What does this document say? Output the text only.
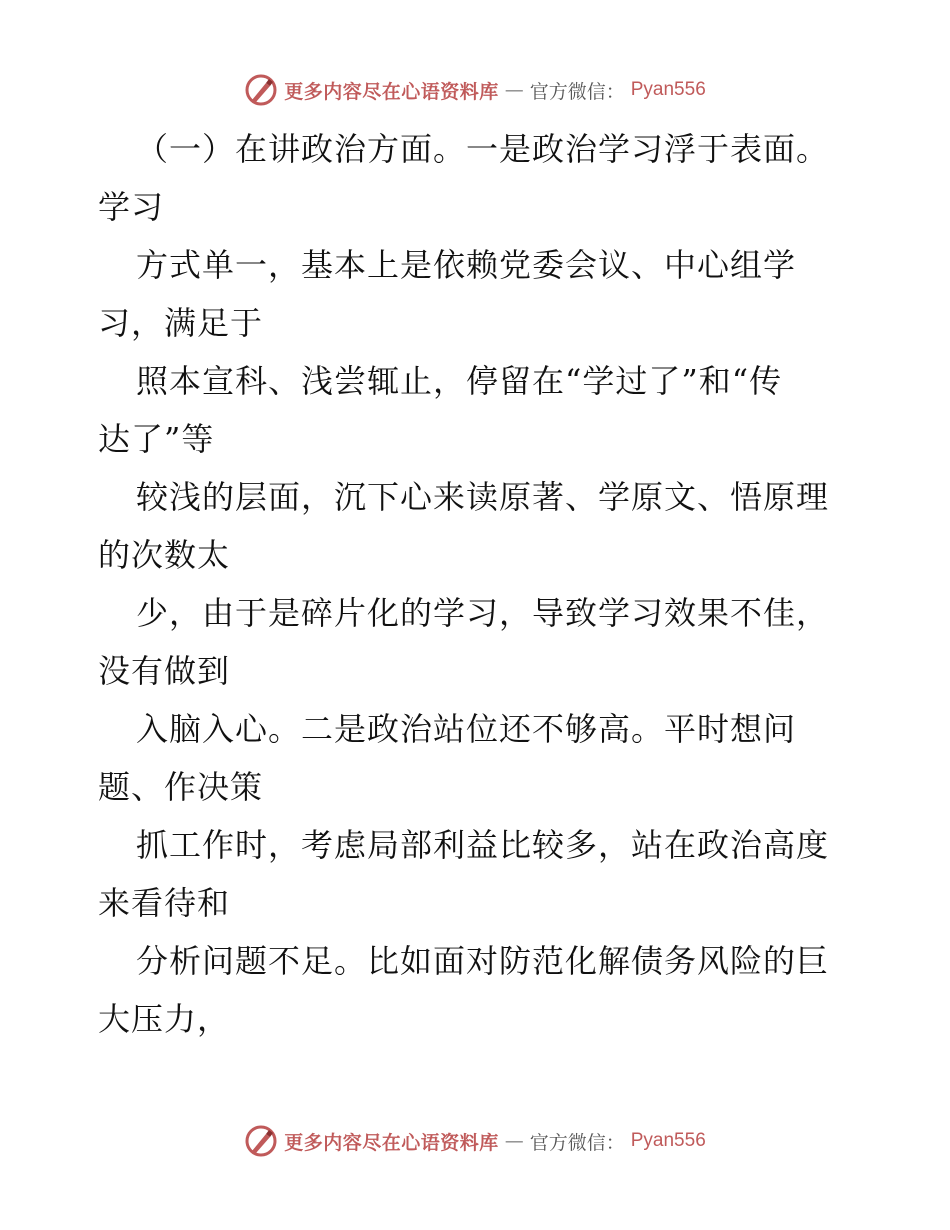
更多内容尽在心语资料库 — 官方微信： Pyan556
（一）在讲政治方面。一是政治学习浮于表面。
学习
方式单一，基本上是依赖党委会议、中心组学
习，满足于
照本宣科、浅尝辄止，停留在“学过了”和“传
达了”等
较浅的层面，沉下心来读原著、学原文、悟原理
的次数太
少，由于是碎片化的学习，导致学习效果不佳，
没有做到
入脑入心。二是政治站位还不够高。平时想问
题、作决策
抓工作时，考虑局部利益比较多，站在政治高度
来看待和
分析问题不足。比如面对防范化解债务风险的巨
大压力，
更多内容尽在心语资料库 — 官方微信： Pyan556
